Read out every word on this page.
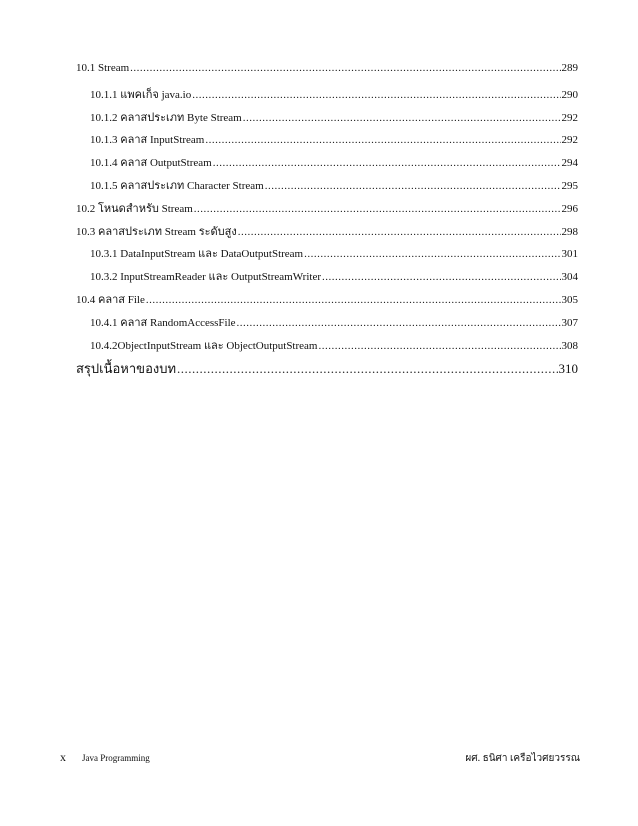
10.1 Stream .....	289
10.1.1 แพคเก็จ java.io .....	290
10.1.2 คลาสประเภท Byte Stream .....	292
10.1.3 คลาส InputStream .....	292
10.1.4 คลาส OutputStream .....	294
10.1.5 คลาสประเภท Character Stream .....	295
10.2 โหนดสำหรับ Stream .....	296
10.3 คลาสประเภท Stream ระดับสูง .....	298
10.3.1 DataInputStream และ DataOutputStream .....	301
10.3.2 InputStreamReader และ OutputStreamWriter .....	304
10.4 คลาส File .....	305
10.4.1 คลาส RandomAccessFile .....	307
10.4.2ObjectInputStream และ ObjectOutputStream .....	308
สรุปเนื้อหาของบท .....	310
x	Java Programming	ผศ. ธนิศา เครือไวศยวรรณ
